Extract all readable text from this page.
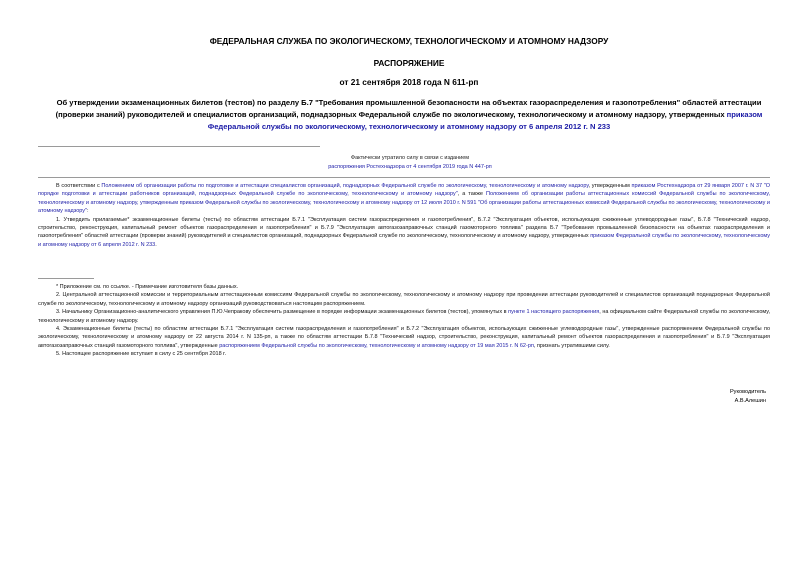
ФЕДЕРАЛЬНАЯ СЛУЖБА ПО ЭКОЛОГИЧЕСКОМУ, ТЕХНОЛОГИЧЕСКОМУ И АТОМНОМУ НАДЗОРУ
РАСПОРЯЖЕНИЕ
от 21 сентября 2018 года N 611-рп
Об утверждении экзаменационных билетов (тестов) по разделу Б.7 "Требования промышленной безопасности на объектах газораспределения и газопотребления" областей аттестации (проверки знаний) руководителей и специалистов организаций, поднадзорных Федеральной службе по экологическому, технологическому и атомному надзору, утвержденных приказом Федеральной службы по экологическому, технологическому и атомному надзору от 6 апреля 2012 г. N 233
Фактически утратило силу в связи с изданием
распоряжения Ростехнадзора от 4 сентября 2019 года N 447-рп

В соответствии с Положением об организации работы по подготовке и аттестации специалистов организаций, поднадзорных Федеральной службе по экологическому, технологическому и атомному надзору, утвержденным приказом Ростехнадзора от 29 января 2007 г. N 37 "О порядке подготовки и аттестации работников организаций, поднадзорных Федеральной службе по экологическому, технологическому и атомному надзору", а также Положением об организации работы аттестационных комиссий Федеральной службы по экологическому, технологическому и атомному надзору, утвержденным приказом Федеральной службы по экологическому, технологическому и атомному надзору от 12 июля 2010 г. N 591 "Об организации работы аттестационных комиссий Федеральной службы по экологическому, технологическому и атомному надзору":

1. Утвердить прилагаемые* экзаменационные билеты (тесты) по областям аттестации Б.7.1 "Эксплуатация систем газораспределения и газопотребления", Б.7.2 "Эксплуатация объектов, использующих сжиженные углеводородные газы", Б.7.8 "Технический надзор, строительство, реконструкция, капитальный ремонт объектов газораспределения и газопотребления" и Б.7.9 "Эксплуатация автогазозаправочных станций газомоторного топлива" раздела Б.7 "Требования промышленной безопасности на объектах газораспределения и газопотребления" областей аттестации (проверки знаний) руководителей и специалистов организаций, поднадзорных Федеральной службе по экологическому, технологическому и атомному надзору, утвержденных приказом Федеральной службы по экологическому, технологическому и атомному надзору от 6 апреля 2012 г. N 233.

* Приложение см. по ссылке. - Примечание изготовителя базы данных.

2. Центральной аттестационной комиссии и территориальным аттестационным комиссиям Федеральной службы по экологическому, технологическому и атомному надзору при проведении аттестации руководителей и специалистов организаций поднадзорных Федеральной службе по экологическому, технологическому и атомному надзору организаций руководствоваться настоящим распоряжением.

3. Начальнику Организационно-аналитического управления П.Ю.Чепракову обеспечить размещение в порядке информации экзаменационных билетов (тестов), упомянутых в пункте 1 настоящего распоряжения, на официальном сайте Федеральной службы по экологическому, технологическому и атомному надзору.

4. Экзаменационные билеты (тесты) по областям аттестации Б.7.1 "Эксплуатация систем газораспределения и газопотребления" и Б.7.2 "Эксплуатация объектов, использующих сжиженные углеводородные газы", утвержденные распоряжением Федеральной службы по экологическому, технологическому и атомному надзору от 22 августа 2014 г. N 135-рп, а также по областям аттестации Б.7.8 "Технический надзор, строительство, реконструкция, капитальный ремонт объектов газораспределения и газопотребления" и Б.7.9 "Эксплуатация автогазозаправочных станций газомоторного топлива", утвержденные распоряжением Федеральной службы по экологическому, технологическому и атомному надзору от 19 мая 2015 г. N 62-рп, признать утратившими силу.

5. Настоящее распоряжение вступает в силу с 25 сентября 2018 г.

Руководитель
А.В.Алешин
